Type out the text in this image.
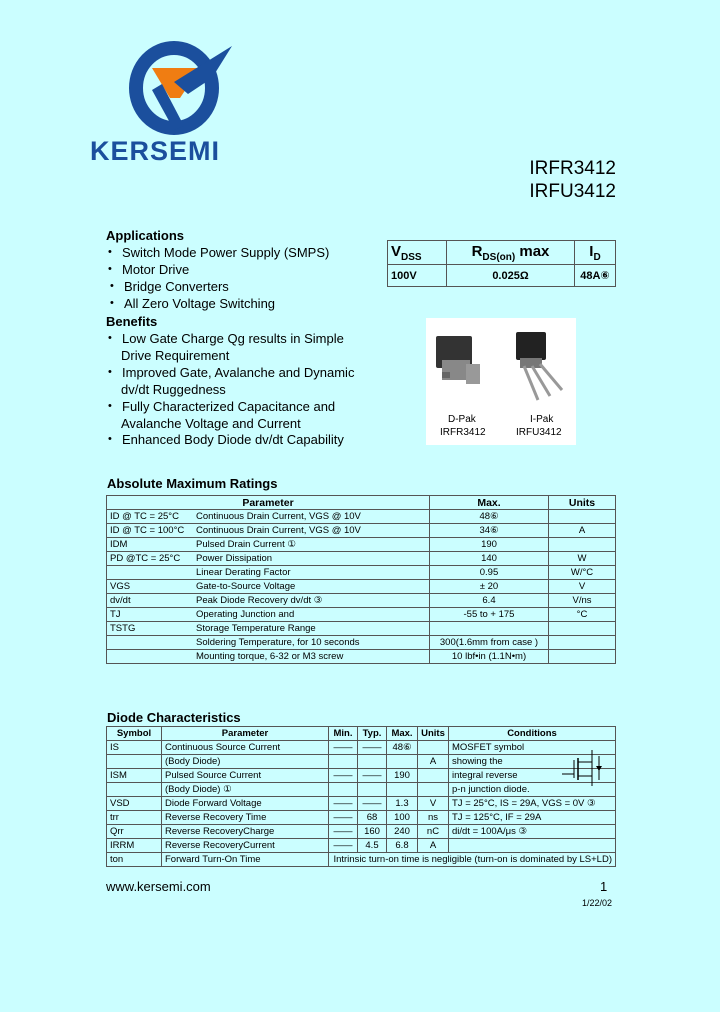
KERSEMI
IRFR3412
IRFU3412
Applications
• Switch Mode Power Supply (SMPS)
• Motor Drive
• Bridge Converters
• All Zero Voltage Switching
Benefits
• Low Gate Charge Qg results in Simple
Drive Requirement
• Improved Gate, Avalanche and Dynamic
dv/dt Ruggedness
• Fully Characterized Capacitance and
Avalanche Voltage and Current
• Enhanced Body Diode dv/dt Capability
$V_{DSS}$	$R_{DS(on)}$ max	$I_D$
100V	0.025Ω	48A⑥
D-Pak
IRFR3412
I-Pak
IRFU3412
Absolute Maximum Ratings
Parameter		Max.	Units
ID @ TC = 25°C	Continuous Drain Current, VGS @ 10V	48⑥	
ID @ TC = 100°C	Continuous Drain Current, VGS @ 10V	34⑥	A
IDM	Pulsed Drain Current ①	190	
PD @TC = 25°C	Power Dissipation	140	W
	Linear Derating Factor	0.95	W/°C
VGS	Gate-to-Source Voltage	± 20	V
dv/dt	Peak Diode Recovery dv/dt ③	6.4	V/ns
TJ	Operating Junction and	-55 to + 175	°C
TSTG	Storage Temperature Range		
	Soldering Temperature, for 10 seconds	300(1.6mm from case )	
	Mounting torque, 6-32 or M3 screw	10 lbf•in (1.1N•m)	
Diode Characteristics
Symbol	Parameter	Min.	Typ.	Max.	Units	Conditions
IS	Continuous Source Current	——	——	48⑥		MOSFET symbol
	(Body Diode)				A	showing the
ISM	Pulsed Source Current	——	——	190		integral reverse
	(Body Diode) ①					p-n junction diode.
VSD	Diode Forward Voltage	——	——	1.3	V	TJ = 25°C, IS = 29A, VGS = 0V ③
trr	Reverse Recovery Time	——	68	100	ns	TJ = 125°C, IF = 29A
Qrr	Reverse RecoveryCharge	——	160	240	nC	di/dt = 100A/μs ③
IRRM	Reverse RecoveryCurrent	——	4.5	6.8	A	
ton	Forward Turn-On Time	Intrinsic turn-on time is negligible (turn-on is dominated by LS+LD)				
www.kersemi.com	1
1/22/02
